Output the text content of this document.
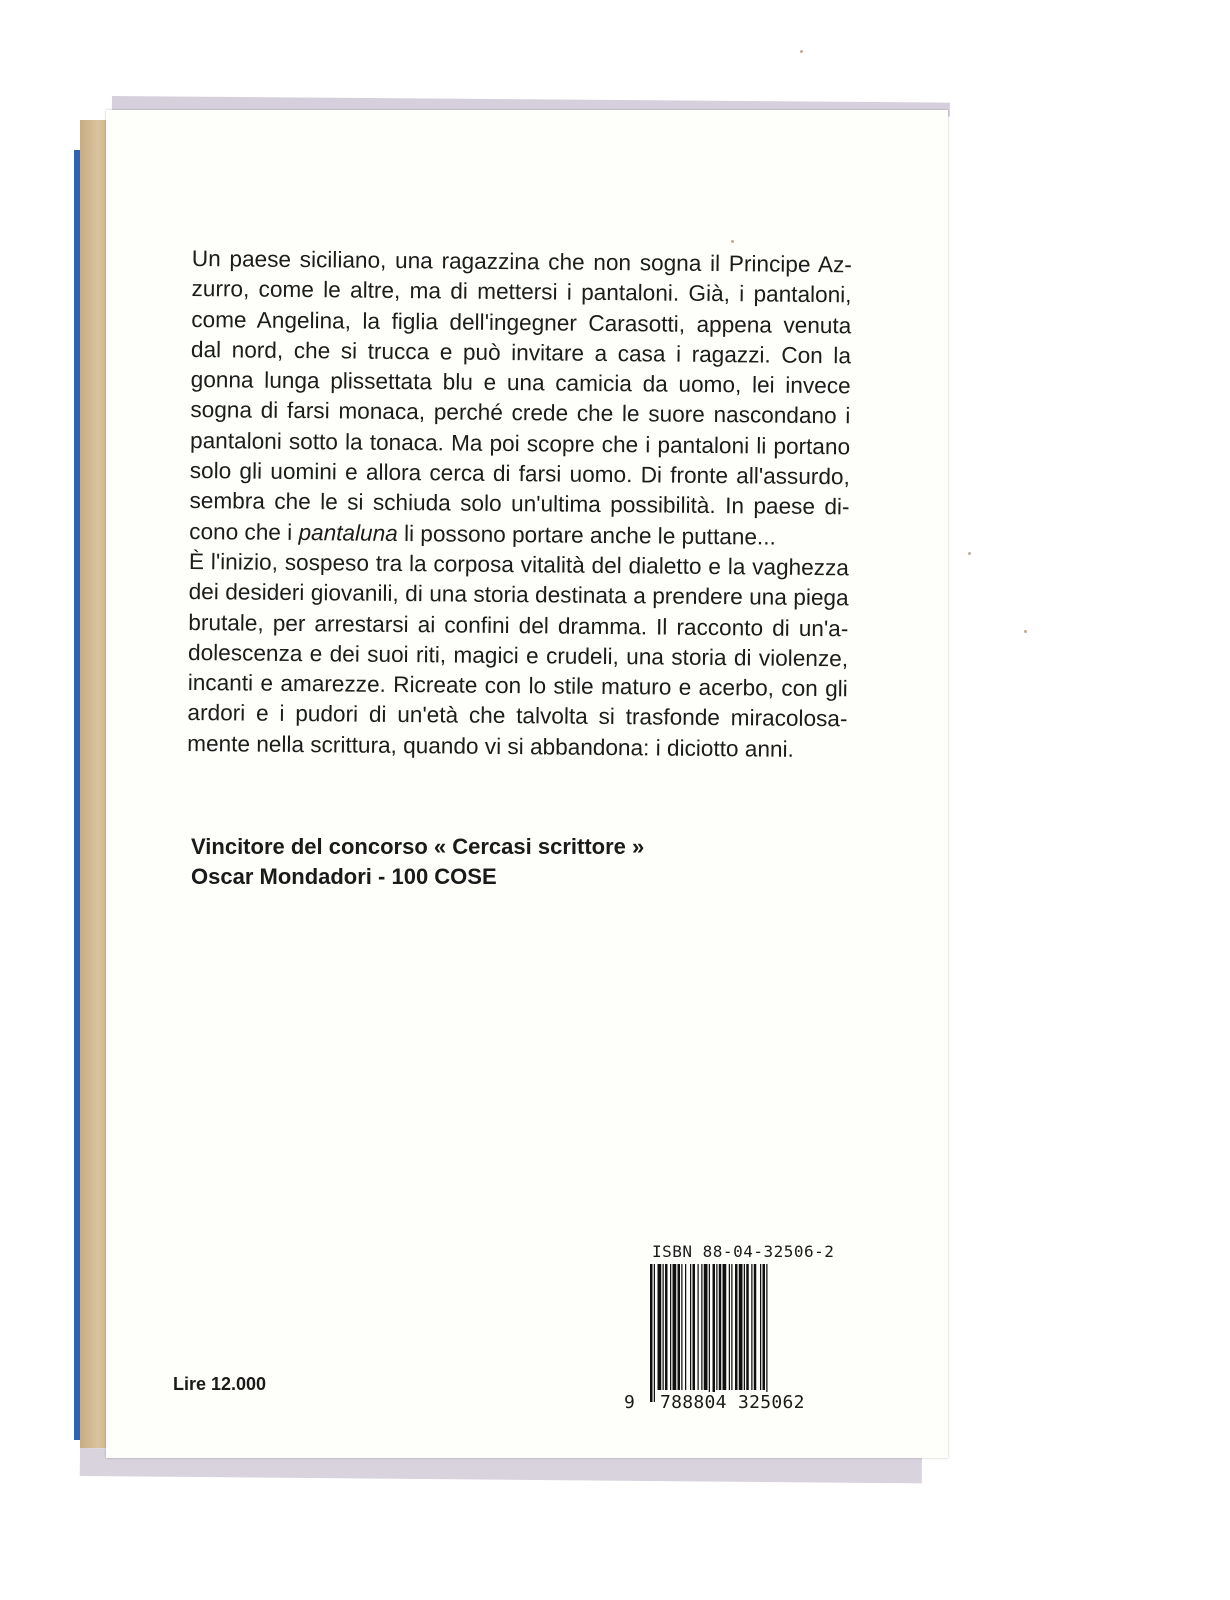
Un paese siciliano, una ragazzina che non sogna il Principe Az-
zurro, come le altre, ma di mettersi i pantaloni. Già, i pantaloni,
come Angelina, la figlia dell'ingegner Carasotti, appena venuta
dal nord, che si trucca e può invitare a casa i ragazzi. Con la
gonna lunga plissettata blu e una camicia da uomo, lei invece
sogna di farsi monaca, perché crede che le suore nascondano i
pantaloni sotto la tonaca. Ma poi scopre che i pantaloni li portano
solo gli uomini e allora cerca di farsi uomo. Di fronte all'assurdo,
sembra che le si schiuda solo un'ultima possibilità. In paese di-
cono che i pantaluna li possono portare anche le puttane...
È l'inizio, sospeso tra la corposa vitalità del dialetto e la vaghezza
dei desideri giovanili, di una storia destinata a prendere una piega
brutale, per arrestarsi ai confini del dramma. Il racconto di un'a-
dolescenza e dei suoi riti, magici e crudeli, una storia di violenze,
incanti e amarezze. Ricreate con lo stile maturo e acerbo, con gli
ardori e i pudori di un'età che talvolta si trasfonde miracolosa-
mente nella scrittura, quando vi si abbandona: i diciotto anni.
Vincitore del concorso « Cercasi scrittore »
Oscar Mondadori - 100 COSE
Lire 12.000
ISBN 88-04-32506-2
9 788804 325062
